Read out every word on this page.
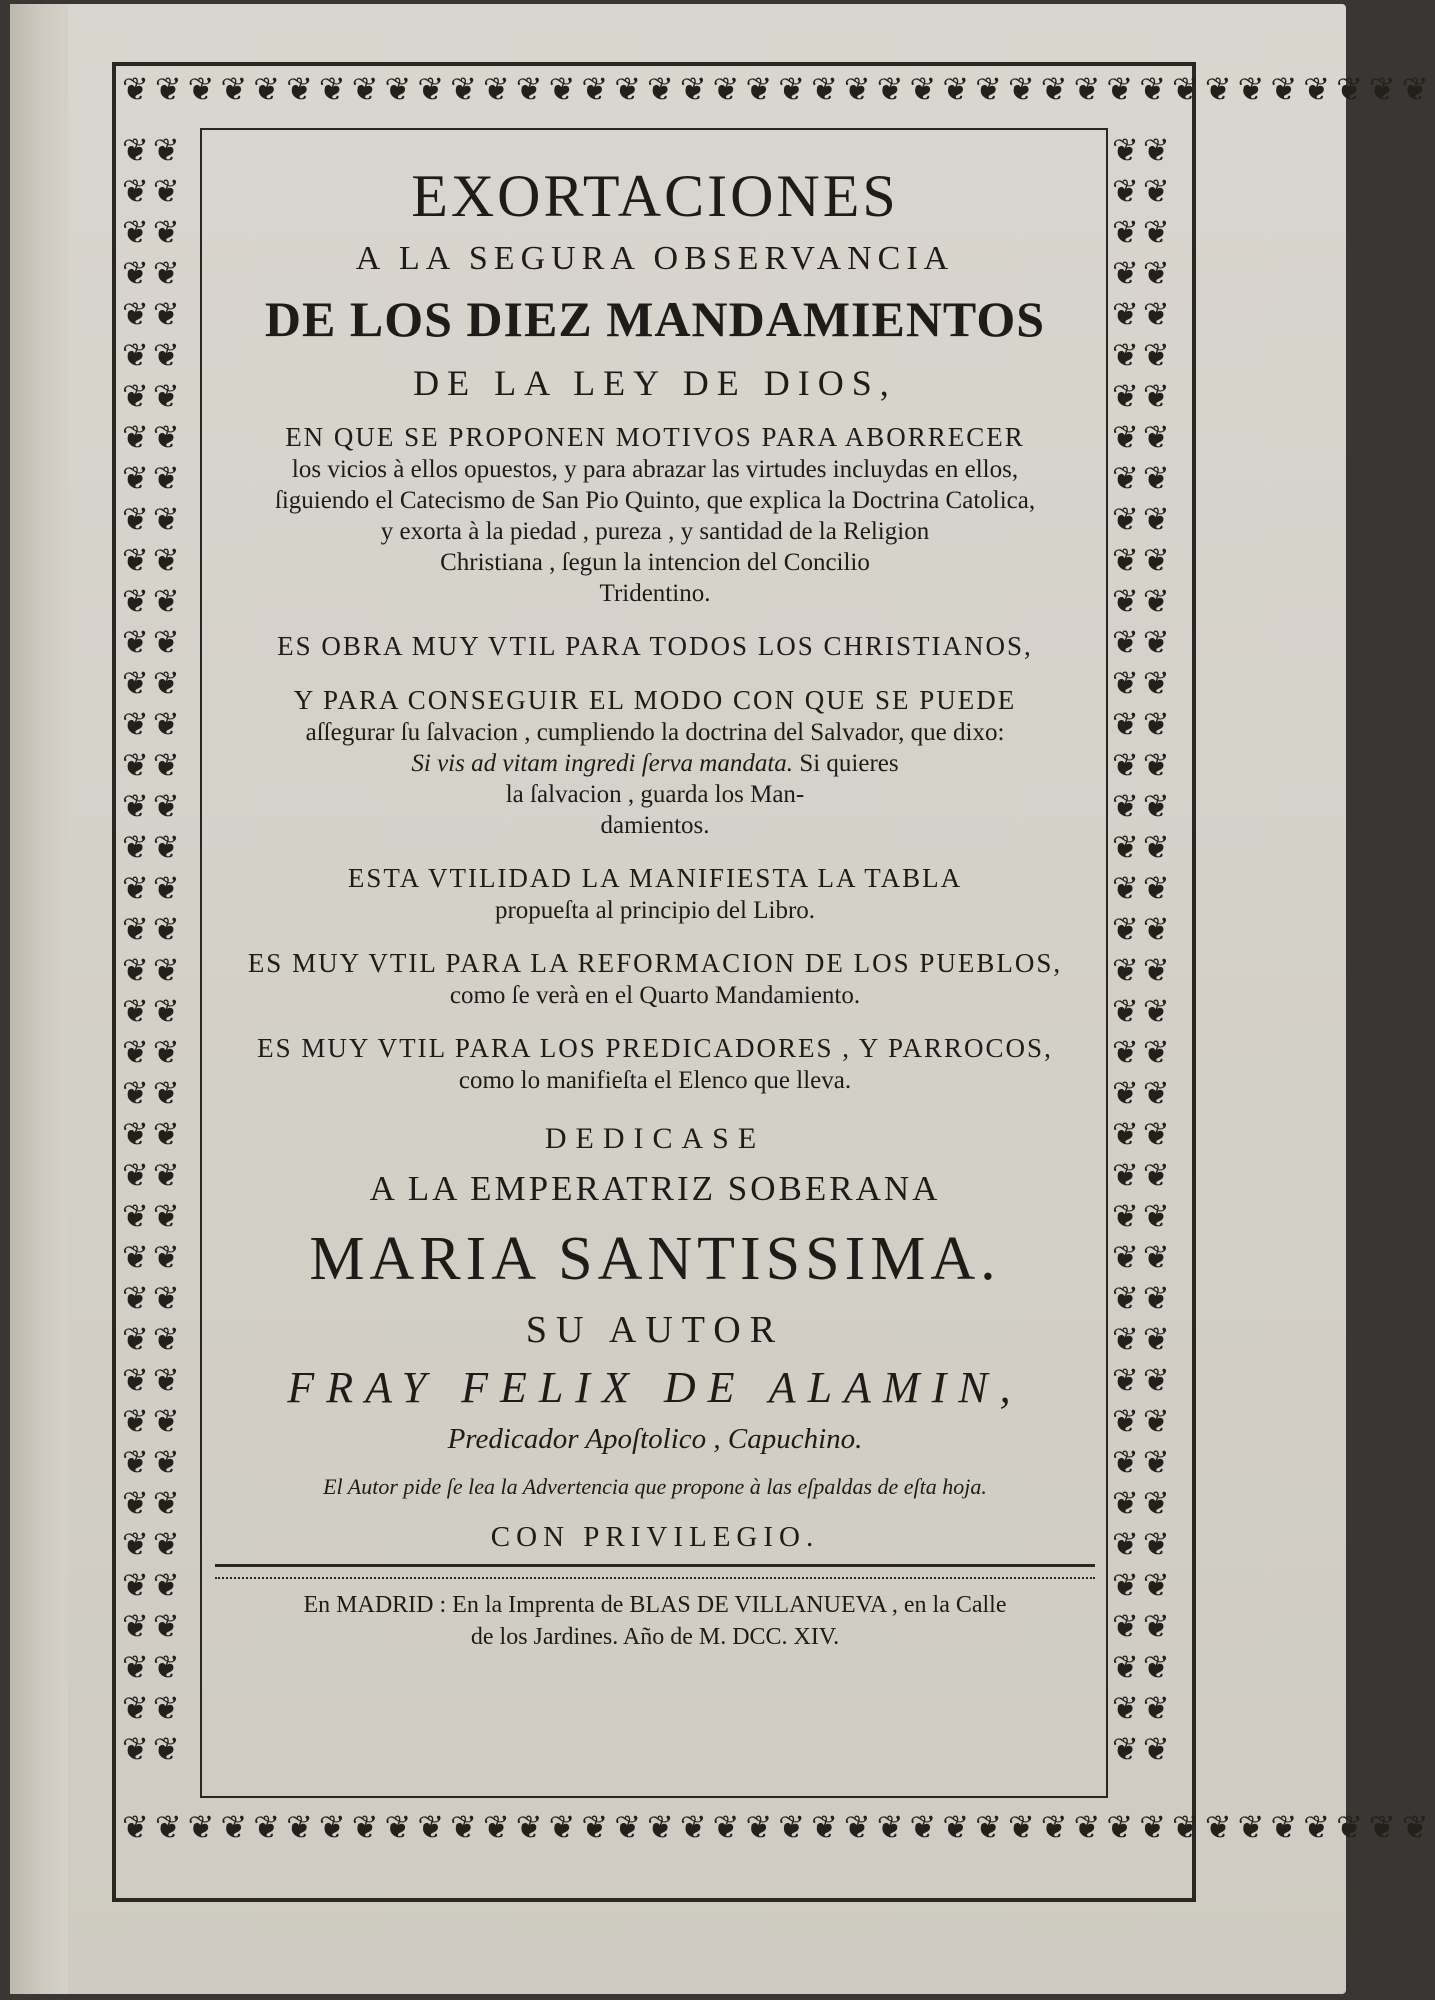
❦❦❦❦❦❦❦❦❦❦❦❦❦❦❦❦❦❦❦❦❦❦❦❦❦❦❦❦❦❦❦❦❦❦❦❦❦❦❦❦
❦❦❦❦❦❦❦❦❦❦❦❦❦❦❦❦❦❦❦❦❦❦❦❦❦❦❦❦❦❦❦❦❦❦❦❦❦❦❦❦
❦❦❦❦❦❦❦❦❦❦❦❦❦❦❦❦❦❦❦❦❦❦❦❦❦❦❦❦❦❦❦❦❦❦❦❦❦❦❦❦❦❦❦❦❦❦❦❦❦❦❦❦❦❦❦❦❦❦❦❦❦❦❦❦❦❦❦❦❦❦❦❦❦❦❦❦❦❦❦❦
❦❦❦❦❦❦❦❦❦❦❦❦❦❦❦❦❦❦❦❦❦❦❦❦❦❦❦❦❦❦❦❦❦❦❦❦❦❦❦❦❦❦❦❦❦❦❦❦❦❦❦❦❦❦❦❦❦❦❦❦❦❦❦❦❦❦❦❦❦❦❦❦❦❦❦❦❦❦❦❦
EXORTACIONES
A LA SEGURA OBSERVANCIA
DE LOS DIEZ MANDAMIENTOS
DE LA LEY DE DIOS,
EN QUE SE PROPONEN MOTIVOS PARA ABORRECER
los vicios à ellos opuestos, y para abrazar las virtudes incluydas en ellos,
ſiguiendo el Catecismo de San Pio Quinto, que explica la Doctrina Catolica,
y exorta à la piedad , pureza , y santidad de la Religion
Christiana , ſegun la intencion del Concilio
Tridentino.
ES OBRA MUY VTIL PARA TODOS LOS CHRISTIANOS,
Y PARA CONSEGUIR EL MODO CON QUE SE PUEDE
aſſegurar ſu ſalvacion , cumpliendo la doctrina del Salvador, que dixo:
Si vis ad vitam ingredi ſerva mandata. Si quieres
la ſalvacion , guarda los Man-
damientos.
ESTA VTILIDAD LA MANIFIESTA LA TABLA
propueſta al principio del Libro.
ES MUY VTIL PARA LA REFORMACION DE LOS PUEBLOS,
como ſe verà en el Quarto Mandamiento.
ES MUY VTIL PARA LOS PREDICADORES , Y PARROCOS,
como lo manifieſta el Elenco que lleva.
DEDICASE
A LA EMPERATRIZ SOBERANA
MARIA SANTISSIMA.
SU AUTOR
FRAY FELIX DE ALAMIN,
Predicador Apoſtolico , Capuchino.
El Autor pide ſe lea la Advertencia que propone à las eſpaldas de eſta hoja.
CON PRIVILEGIO.
En MADRID : En la Imprenta de BLAS DE VILLANUEVA , en la Calle
de los Jardines. Año de M. DCC. XIV.
